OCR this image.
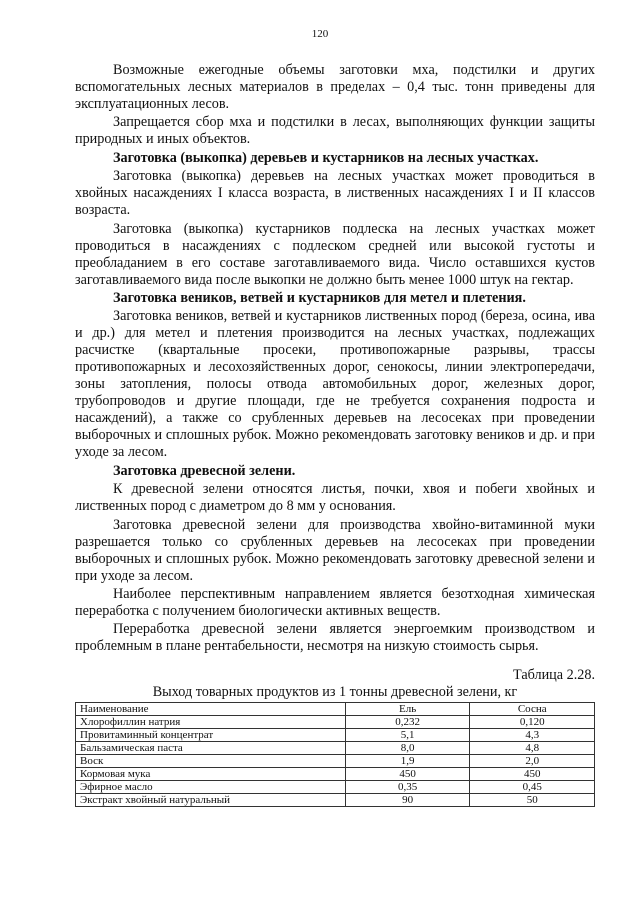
120

Возможные ежегодные объемы заготовки мха, подстилки и других вспомогательных лесных материалов в пределах – 0,4 тыс. тонн приведены для эксплуатационных лесов.

Запрещается сбор мха и подстилки в лесах, выполняющих функции защиты природных и иных объектов.

Заготовка (выкопка) деревьев и кустарников на лесных участках.

Заготовка (выкопка) деревьев на лесных участках может проводиться в хвойных насаждениях I класса возраста, в лиственных насаждениях I и II классов возраста.

Заготовка (выкопка) кустарников подлеска на лесных участках может проводиться в насаждениях с подлеском средней или высокой густоты и преобладанием в его составе заготавливаемого вида. Число оставшихся кустов заготавливаемого вида после выкопки не должно быть менее 1000 штук на гектар.

Заготовка веников, ветвей и кустарников для метел и плетения.

Заготовка веников, ветвей и кустарников лиственных пород (береза, осина, ива и др.) для метел и плетения производится на лесных участках, подлежащих расчистке (квартальные просеки, противопожарные разрывы, трассы противопожарных и лесохозяйственных дорог, сенокосы, линии электропередачи, зоны затопления, полосы отвода автомобильных дорог, железных дорог, трубопроводов и другие площади, где не требуется сохранения подроста и насаждений), а также со срубленных деревьев на лесосеках при проведении выборочных и сплошных рубок. Можно рекомендовать заготовку веников и др. и при уходе за лесом.

Заготовка древесной зелени.

К древесной зелени относятся листья, почки, хвоя и побеги хвойных и лиственных пород с диаметром до 8 мм у основания.

Заготовка древесной зелени для производства хвойно-витаминной муки разрешается только со срубленных деревьев на лесосеках при проведении выборочных и сплошных рубок. Можно рекомендовать заготовку древесной зелени и при уходе за лесом.

Наиболее перспективным направлением является безотходная химическая переработка с получением биологически активных веществ.

Переработка древесной зелени является энергоемким производством и проблемным в плане рентабельности, несмотря на низкую стоимость сырья.

Таблица 2.28.

Выход товарных продуктов из 1 тонны древесной зелени, кг

Наименование	Ель	Сосна
Хлорофиллин натрия	0,232	0,120
Провитаминный концентрат	5,1	4,3
Бальзамическая паста	8,0	4,8
Воск	1,9	2,0
Кормовая мука	450	450
Эфирное масло	0,35	0,45
Экстракт хвойный натуральный	90	50
